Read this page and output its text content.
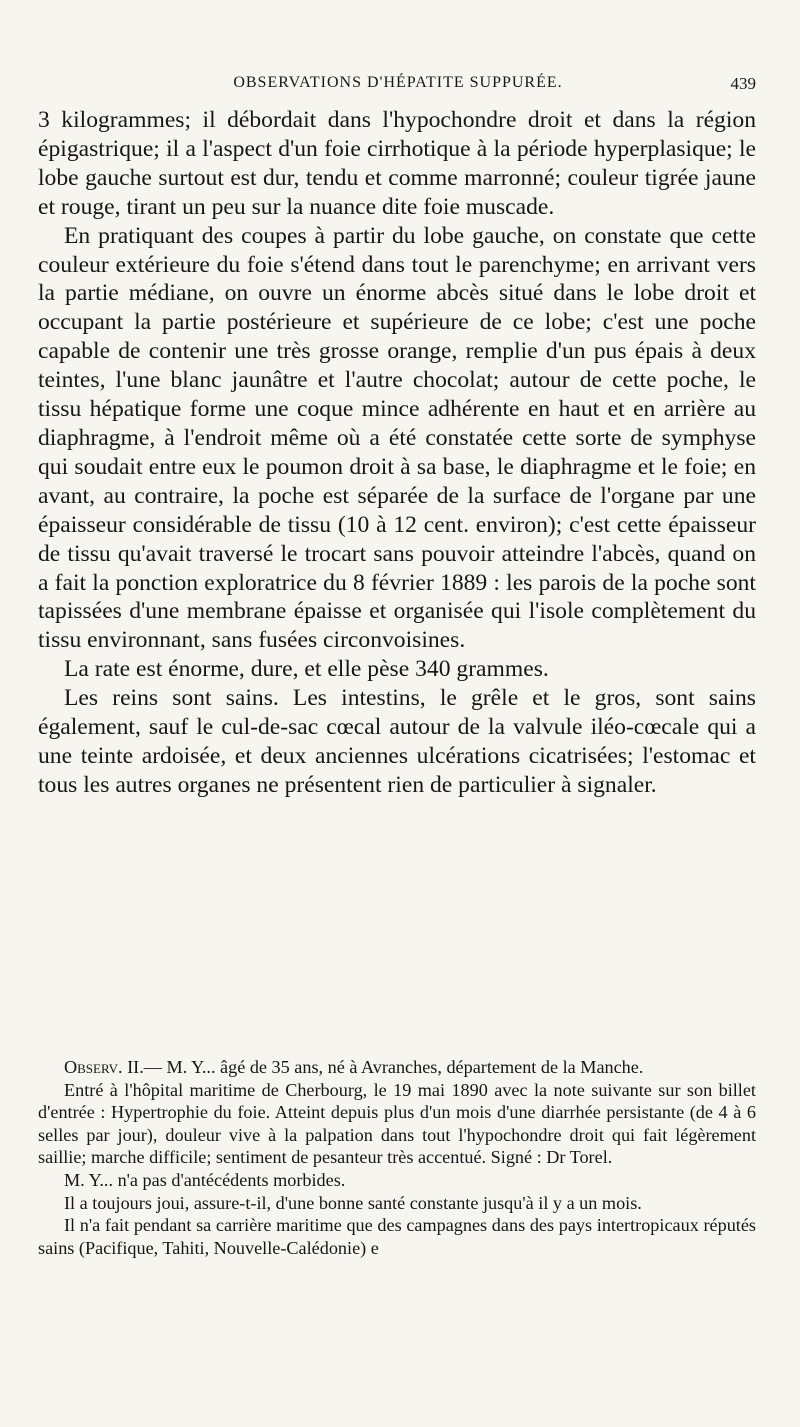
OBSERVATIONS D'HÉPATITE SUPPURÉE.	439

3 kilogrammes; il débordait dans l'hypochondre droit et dans la région épigastrique; il a l'aspect d'un foie cirrhotique à la période hyperplasique; le lobe gauche surtout est dur, tendu et comme marronné; couleur tigrée jaune et rouge, tirant un peu sur la nuance dite foie muscade.

En pratiquant des coupes à partir du lobe gauche, on constate que cette couleur extérieure du foie s'étend dans tout le parenchyme; en arrivant vers la partie médiane, on ouvre un énorme abcès situé dans le lobe droit et occupant la partie postérieure et supérieure de ce lobe; c'est une poche capable de contenir une très grosse orange, remplie d'un pus épais à deux teintes, l'une blanc jaunâtre et l'autre chocolat; autour de cette poche, le tissu hépatique forme une coque mince adhérente en haut et en arrière au diaphragme, à l'endroit même où a été constatée cette sorte de symphyse qui soudait entre eux le poumon droit à sa base, le diaphragme et le foie; en avant, au contraire, la poche est séparée de la surface de l'organe par une épaisseur considérable de tissu (10 à 12 cent. environ); c'est cette épaisseur de tissu qu'avait traversé le trocart sans pouvoir atteindre l'abcès, quand on a fait la ponction exploratrice du 8 février 1889 : les parois de la poche sont tapissées d'une membrane épaisse et organisée qui l'isole complètement du tissu environnant, sans fusées circonvoisines.

La rate est énorme, dure, et elle pèse 340 grammes.

Les reins sont sains. Les intestins, le grêle et le gros, sont sains également, sauf le cul-de-sac cœcal autour de la valvule iléo-cœcale qui a une teinte ardoisée, et deux anciennes ulcérations cicatrisées; l'estomac et tous les autres organes ne présentent rien de particulier à signaler.

Observ. II.— M. Y... âgé de 35 ans, né à Avranches, département de la Manche.

Entré à l'hôpital maritime de Cherbourg, le 19 mai 1890 avec la note suivante sur son billet d'entrée : Hypertrophie du foie. Atteint depuis plus d'un mois d'une diarrhée persistante (de 4 à 6 selles par jour), douleur vive à la palpation dans tout l'hypochondre droit qui fait légèrement saillie; marche difficile; sentiment de pesanteur très accentué. Signé : Dr Torel.

M. Y... n'a pas d'antécédents morbides.

Il a toujours joui, assure-t-il, d'une bonne santé constante jusqu'à il y a un mois.

Il n'a fait pendant sa carrière maritime que des campagnes dans des pays intertropicaux réputés sains (Pacifique, Tahiti, Nouvelle-Calédonie) e
